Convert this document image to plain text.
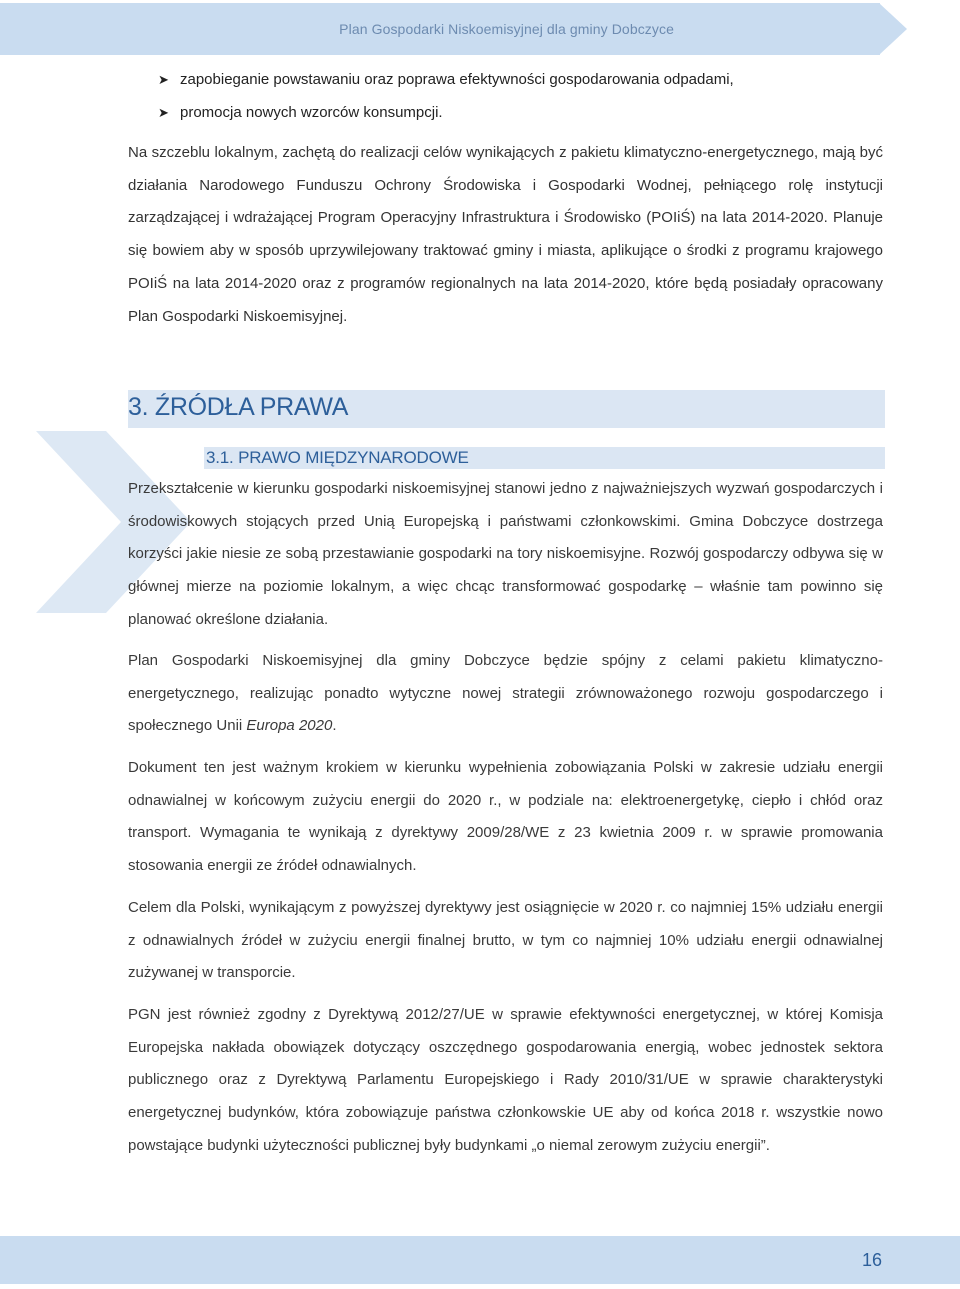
Plan Gospodarki Niskoemisyjnej dla gminy Dobczyce
➤ zapobieganie powstawaniu oraz poprawa efektywności gospodarowania odpadami,
➤ promocja nowych wzorców konsumpcji.

Na szczeblu lokalnym, zachętą do realizacji celów wynikających z pakietu klimatyczno-energetycznego, mają być działania Narodowego Funduszu Ochrony Środowiska i Gospodarki Wodnej, pełniącego rolę instytucji zarządzającej i wdrażającej Program Operacyjny Infrastruktura i Środowisko (POIiŚ) na lata 2014-2020. Planuje się bowiem aby w sposób uprzywilejowany traktować gminy i miasta, aplikujące o środki z programu krajowego POIiŚ na lata 2014-2020 oraz z programów regionalnych na lata 2014-2020, które będą posiadały opracowany Plan Gospodarki Niskoemisyjnej.

3. ŹRÓDŁA PRAWA
3.1. PRAWO MIĘDZYNARODOWE

Przekształcenie w kierunku gospodarki niskoemisyjnej stanowi jedno z najważniejszych wyzwań gospodarczych i środowiskowych stojących przed Unią Europejską i państwami członkowskimi. Gmina Dobczyce dostrzega korzyści jakie niesie ze sobą przestawianie gospodarki na tory niskoemisyjne. Rozwój gospodarczy odbywa się w głównej mierze na poziomie lokalnym, a więc chcąc transformować gospodarkę – właśnie tam powinno się planować określone działania.

Plan Gospodarki Niskoemisyjnej dla gminy Dobczyce będzie spójny z celami pakietu klimatyczno-energetycznego, realizując ponadto wytyczne nowej strategii zrównoważonego rozwoju gospodarczego i społecznego Unii Europa 2020.

Dokument ten jest ważnym krokiem w kierunku wypełnienia zobowiązania Polski w zakresie udziału energii odnawialnej w końcowym zużyciu energii do 2020 r., w podziale na: elektroenergetykę, ciepło i chłód oraz transport. Wymagania te wynikają z dyrektywy 2009/28/WE z 23 kwietnia 2009 r. w sprawie promowania stosowania energii ze źródeł odnawialnych.

Celem dla Polski, wynikającym z powyższej dyrektywy jest osiągnięcie w 2020 r. co najmniej 15% udziału energii z odnawialnych źródeł w zużyciu energii finalnej brutto, w tym co najmniej 10% udziału energii odnawialnej zużywanej w transporcie.

PGN jest również zgodny z Dyrektywą 2012/27/UE w sprawie efektywności energetycznej, w której Komisja Europejska nakłada obowiązek dotyczący oszczędnego gospodarowania energią, wobec jednostek sektora publicznego oraz z Dyrektywą Parlamentu Europejskiego i Rady 2010/31/UE w sprawie charakterystyki energetycznej budynków, która zobowiązuje państwa członkowskie UE aby od końca 2018 r. wszystkie nowo powstające budynki użyteczności publicznej były budynkami „o niemal zerowym zużyciu energii”.

16
